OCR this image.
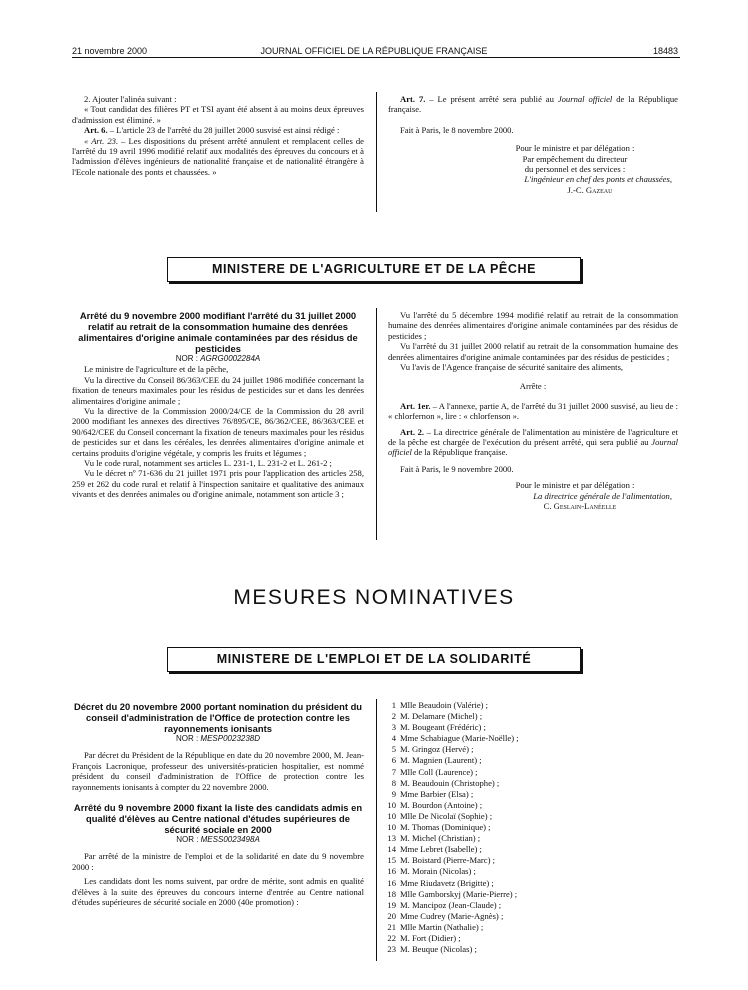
21 novembre 2000	JOURNAL OFFICIEL DE LA RÉPUBLIQUE FRANÇAISE	18483

2. Ajouter l'alinéa suivant :

« Tout candidat des filières PT et TSI ayant été absent à au moins deux épreuves d'admission est éliminé. »

Art. 6. – L'article 23 de l'arrêté du 28 juillet 2000 susvisé est ainsi rédigé :

« Art. 23. – Les dispositions du présent arrêté annulent et remplacent celles de l'arrêté du 19 avril 1996 modifié relatif aux modalités des épreuves du concours et à l'admission d'élèves ingénieurs de nationalité française et de nationalité étrangère à l'Ecole nationale des ponts et chaussées. »

Art. 7. – Le présent arrêté sera publié au Journal officiel de la République française.

Fait à Paris, le 8 novembre 2000.

Pour le ministre et par délégation :
Par empêchement du directeur
du personnel et des services :
L'ingénieur en chef des ponts et chaussées,
J.-C. Gazeau
MINISTERE DE L'AGRICULTURE ET DE LA PÊCHE

Arrêté du 9 novembre 2000 modifiant l'arrêté du 31 juillet 2000 relatif au retrait de la consommation humaine des denrées alimentaires d'origine animale contaminées par des résidus de pesticides

NOR : AGRG0002284A

Le ministre de l'agriculture et de la pêche,

Vu la directive du Conseil 86/363/CEE du 24 juillet 1986 modifiée concernant la fixation de teneurs maximales pour les résidus de pesticides sur et dans les denrées alimentaires d'origine animale ;

Vu la directive de la Commission 2000/24/CE de la Commission du 28 avril 2000 modifiant les annexes des directives 76/895/CE, 86/362/CEE, 86/363/CEE et 90/642/CEE du Conseil concernant la fixation de teneurs maximales pour les résidus de pesticides sur et dans les céréales, les denrées alimentaires d'origine animale et certains produits d'origine végétale, y compris les fruits et légumes ;

Vu le code rural, notamment ses articles L. 231-1, L. 231-2 et L. 261-2 ;

Vu le décret nº 71-636 du 21 juillet 1971 pris pour l'application des articles 258, 259 et 262 du code rural et relatif à l'inspection sanitaire et qualitative des animaux vivants et des denrées animales ou d'origine animale, notamment son article 3 ;

Vu l'arrêté du 5 décembre 1994 modifié relatif au retrait de la consommation humaine des denrées alimentaires d'origine animale contaminées par des résidus de pesticides ;

Vu l'arrêté du 31 juillet 2000 relatif au retrait de la consommation humaine des denrées alimentaires d'origine animale contaminées par des résidus de pesticides ;

Vu l'avis de l'Agence française de sécurité sanitaire des aliments,

Arrête :

Art. 1er. – A l'annexe, partie A, de l'arrêté du 31 juillet 2000 susvisé, au lieu de : « chlorfernon », lire : « chlorfenson ».

Art. 2. – La directrice générale de l'alimentation au ministère de l'agriculture et de la pêche est chargée de l'exécution du présent arrêté, qui sera publié au Journal officiel de la République française.

Fait à Paris, le 9 novembre 2000.

Pour le ministre et par délégation :
La directrice générale de l'alimentation,
C. Geslain-Lanéelle
MESURES NOMINATIVES
MINISTERE DE L'EMPLOI ET DE LA SOLIDARITÉ

Décret du 20 novembre 2000 portant nomination du président du conseil d'administration de l'Office de protection contre les rayonnements ionisants

NOR : MESP0023238D

Par décret du Président de la République en date du 20 novembre 2000, M. Jean-François Lacronique, professeur des universités-praticien hospitalier, est nommé président du conseil d'administration de l'Office de protection contre les rayonnements ionisants à compter du 22 novembre 2000.

Arrêté du 9 novembre 2000 fixant la liste des candidats admis en qualité d'élèves au Centre national d'études supérieures de sécurité sociale en 2000

NOR : MESS0023498A

Par arrêté de la ministre de l'emploi et de la solidarité en date du 9 novembre 2000 :

Les candidats dont les noms suivent, par ordre de mérite, sont admis en qualité d'élèves à la suite des épreuves du concours interne d'entrée au Centre national d'études supérieures de sécurité sociale en 2000 (40e promotion) :

1 Mlle Beaudoin (Valérie) ;
2 M. Delamare (Michel) ;
3 M. Bougeant (Frédéric) ;
4 Mme Schabiague (Marie-Noëlle) ;
5 M. Gringoz (Hervé) ;
6 M. Magnien (Laurent) ;
7 Mlle Coll (Laurence) ;
8 M. Beaudouin (Christophe) ;
9 Mme Barbier (Elsa) ;
10 M. Bourdon (Antoine) ;
10 Mlle De Nicolaï (Sophie) ;
10 M. Thomas (Dominique) ;
13 M. Michel (Christian) ;
14 Mme Lebret (Isabelle) ;
15 M. Boistard (Pierre-Marc) ;
16 M. Morain (Nicolas) ;
16 Mme Riudavetz (Brigitte) ;
18 Mlle Gamborskyj (Marie-Pierre) ;
19 M. Mancipoz (Jean-Claude) ;
20 Mme Cudrey (Marie-Agnès) ;
21 Mlle Martin (Nathalie) ;
22 M. Fort (Didier) ;
23 M. Beuque (Nicolas) ;
